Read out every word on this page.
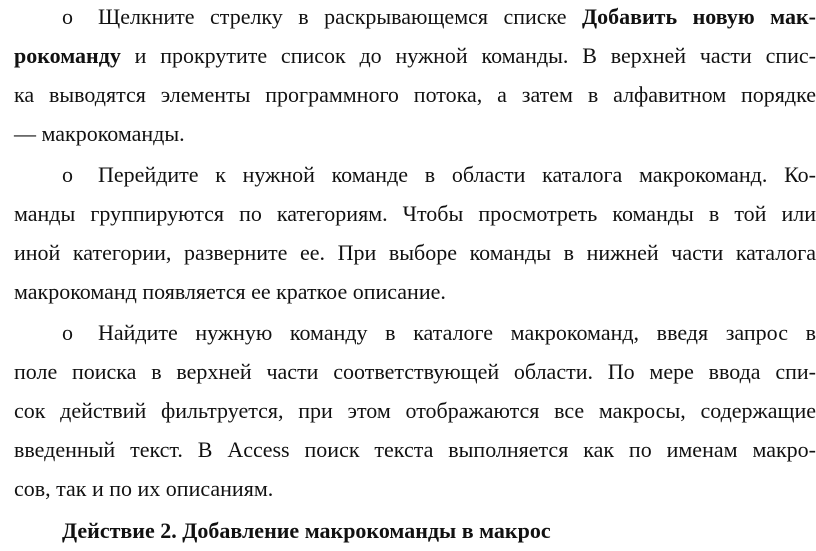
o Щелкните стрелку в раскрывающемся списке Добавить новую мак-
рокоманду и прокрутите список до нужной команды. В верхней части спис-
ка выводятся элементы программного потока, а затем в алфавитном порядке
— макрокоманды.
o Перейдите к нужной команде в области каталога макрокоманд. Ко-
манды группируются по категориям. Чтобы просмотреть команды в той или
иной категории, разверните ее. При выборе команды в нижней части каталога
макрокоманд появляется ее краткое описание.
o Найдите нужную команду в каталоге макрокоманд, введя запрос в
поле поиска в верхней части соответствующей области. По мере ввода спи-
сок действий фильтруется, при этом отображаются все макросы, содержащие
введенный текст. В Access поиск текста выполняется как по именам макро-
сов, так и по их описаниям.
Действие 2. Добавление макрокоманды в макрос
